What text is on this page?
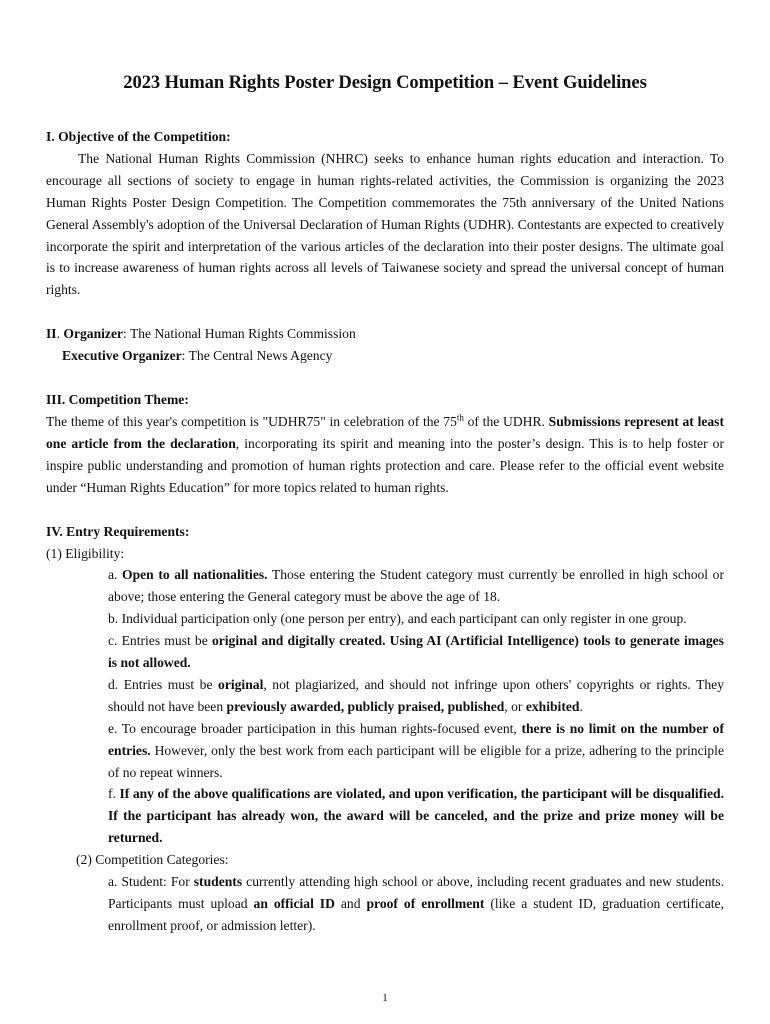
2023 Human Rights Poster Design Competition – Event Guidelines

I. Objective of the Competition:

The National Human Rights Commission (NHRC) seeks to enhance human rights education and interaction. To encourage all sections of society to engage in human rights-related activities, the Commission is organizing the 2023 Human Rights Poster Design Competition. The Competition commemorates the 75th anniversary of the United Nations General Assembly's adoption of the Universal Declaration of Human Rights (UDHR). Contestants are expected to creatively incorporate the spirit and interpretation of the various articles of the declaration into their poster designs. The ultimate goal is to increase awareness of human rights across all levels of Taiwanese society and spread the universal concept of human rights.

II. Organizer: The National Human Rights Commission

Executive Organizer: The Central News Agency

III. Competition Theme:

The theme of this year's competition is "UDHR75" in celebration of the 75th of the UDHR. Submissions represent at least one article from the declaration, incorporating its spirit and meaning into the poster’s design. This is to help foster or inspire public understanding and promotion of human rights protection and care. Please refer to the official event website under “Human Rights Education” for more topics related to human rights.

IV. Entry Requirements:

(1) Eligibility:

a. Open to all nationalities. Those entering the Student category must currently be enrolled in high school or above; those entering the General category must be above the age of 18.

b. Individual participation only (one person per entry), and each participant can only register in one group.

c. Entries must be original and digitally created. Using AI (Artificial Intelligence) tools to generate images is not allowed.

d. Entries must be original, not plagiarized, and should not infringe upon others' copyrights or rights. They should not have been previously awarded, publicly praised, published, or exhibited.

e. To encourage broader participation in this human rights-focused event, there is no limit on the number of entries. However, only the best work from each participant will be eligible for a prize, adhering to the principle of no repeat winners.

f. If any of the above qualifications are violated, and upon verification, the participant will be disqualified. If the participant has already won, the award will be canceled, and the prize and prize money will be returned.

(2) Competition Categories:

a. Student: For students currently attending high school or above, including recent graduates and new students. Participants must upload an official ID and proof of enrollment (like a student ID, graduation certificate, enrollment proof, or admission letter).

1
